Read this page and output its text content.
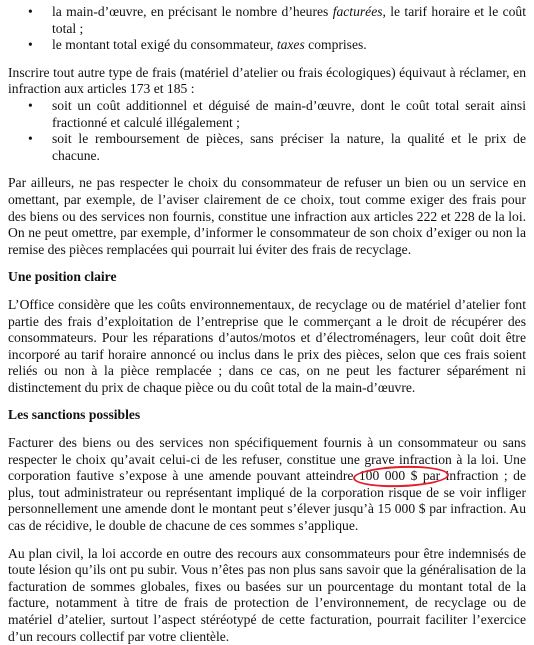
• la main-d’œuvre, en précisant le nombre d’heures facturées, le tarif horaire et le coût total ;
• le montant total exigé du consommateur, taxes comprises.

Inscrire tout autre type de frais (matériel d’atelier ou frais écologiques) équivaut à réclamer, en infraction aux articles 173 et 185 :

• soit un coût additionnel et déguisé de main-d’œuvre, dont le coût total serait ainsi fractionné et calculé illégalement ;
• soit le remboursement de pièces, sans préciser la nature, la qualité et le prix de chacune.

Par ailleurs, ne pas respecter le choix du consommateur de refuser un bien ou un service en omettant, par exemple, de l’aviser clairement de ce choix, tout comme exiger des frais pour des biens ou des services non fournis, constitue une infraction aux articles 222 et 228 de la loi. On ne peut omettre, par exemple, d’informer le consommateur de son choix d’exiger ou non la remise des pièces remplacées qui pourrait lui éviter des frais de recyclage.

Une position claire

L’Office considère que les coûts environnementaux, de recyclage ou de matériel d’atelier font partie des frais d’exploitation de l’entreprise que le commerçant a le droit de récupérer des consommateurs. Pour les réparations d’autos/motos et d’électroménagers, leur coût doit être incorporé au tarif horaire annoncé ou inclus dans le prix des pièces, selon que ces frais soient reliés ou non à la pièce remplacée ; dans ce cas, on ne peut les facturer séparément ni distinctement du prix de chaque pièce ou du coût total de la main-d’œuvre.

Les sanctions possibles

Facturer des biens ou des services non spécifiquement fournis à un consommateur ou sans respecter le choix qu’avait celui-ci de les refuser, constitue une grave infraction à la loi. Une corporation fautive s’expose à une amende pouvant atteindre 100 000 $
par infraction ; de plus, tout administrateur ou représentant impliqué de la corporation risque de se voir infliger personnellement une amende dont le montant peut s’élever jusqu’à 15 000 $ par infraction. Au cas de récidive, le double de chacune de ces sommes s’applique.

Au plan civil, la loi accorde en outre des recours aux consommateurs pour être indemnisés de toute lésion qu’ils ont pu subir. Vous n’êtes pas non plus sans savoir que la généralisation de la facturation de sommes globales, fixes ou basées sur un pourcentage du montant total de la facture, notamment à titre de frais de protection de l’environnement, de recyclage ou de matériel d’atelier, surtout l’aspect stéréotypé de cette facturation, pourrait faciliter l’exercice d’un recours collectif par votre clientèle.
